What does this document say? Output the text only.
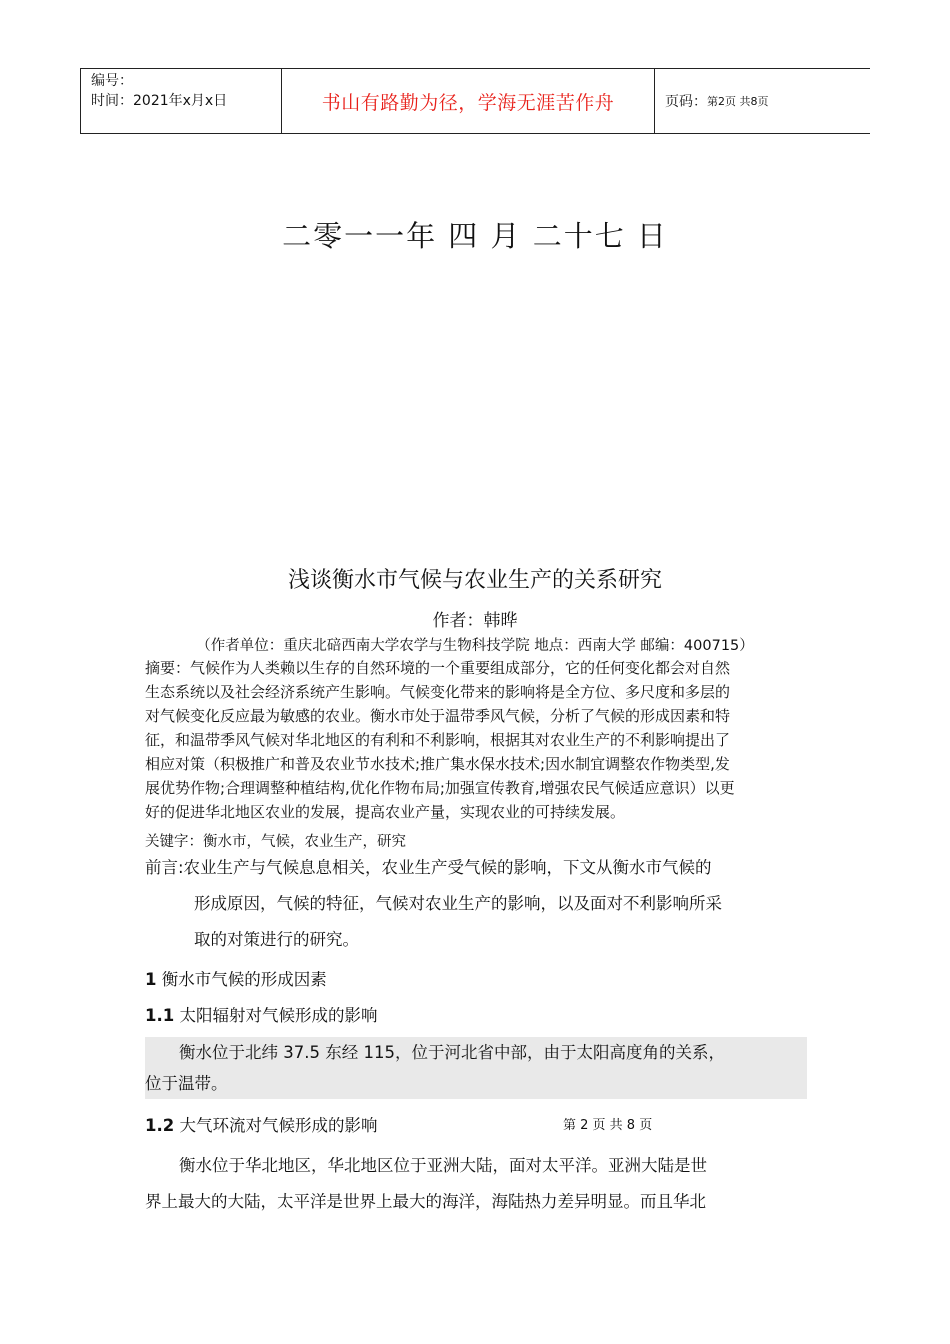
编号：
时间：2021年x月x日	书山有路勤为径，学海无涯苦作舟	页码： 第2页 共8页
二零一一年 四 月 二十七 日
浅谈衡水市气候与农业生产的关系研究
作者：韩晔
（作者单位：重庆北碚西南大学农学与生物科技学院 地点：西南大学 邮编：400715）
摘要：气候作为人类赖以生存的自然环境的一个重要组成部分，它的任何变化都会对自然
生态系统以及社会经济系统产生影响。气候变化带来的影响将是全方位、多尺度和多层的
对气候变化反应最为敏感的农业。衡水市处于温带季风气候，分析了气候的形成因素和特
征，和温带季风气候对华北地区的有利和不利影响，根据其对农业生产的不利影响提出了
相应对策（积极推广和普及农业节水技术;推广集水保水技术;因水制宜调整农作物类型,发
展优势作物;合理调整种植结构,优化作物布局;加强宣传教育,增强农民气候适应意识）以更
好的促进华北地区农业的发展，提高农业产量，实现农业的可持续发展。
关键字：衡水市，气候，农业生产，研究
前言:农业生产与气候息息相关，农业生产受气候的影响，下文从衡水市气候的
形成原因，气候的特征，气候对农业生产的影响，以及面对不利影响所采
取的对策进行的研究。
1 衡水市气候的形成因素
1.1 太阳辐射对气候形成的影响
衡水位于北纬 37.5 东经 115，位于河北省中部，由于太阳高度角的关系，
位于温带。
1.2 大气环流对气候形成的影响	第 2 页 共 8 页
衡水位于华北地区，华北地区位于亚洲大陆，面对太平洋。亚洲大陆是世
界上最大的大陆，太平洋是世界上最大的海洋，海陆热力差异明显。而且华北
